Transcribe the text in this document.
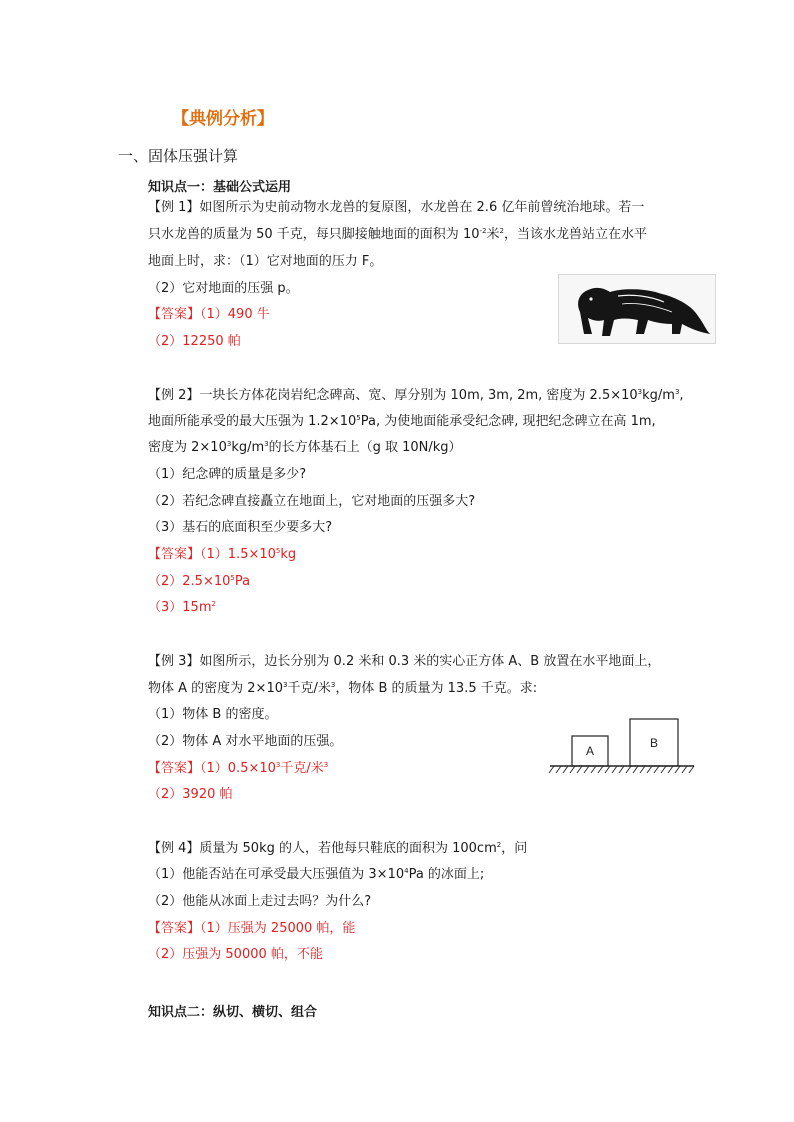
【典例分析】
一、固体压强计算
知识点一：基础公式运用
【例 1】如图所示为史前动物水龙兽的复原图，水龙兽在 2.6 亿年前曾统治地球。若一
只水龙兽的质量为 50 千克，每只脚接触地面的面积为 $10^{-2}$米$^2$，当该水龙兽站立在水平
地面上时，求：（1）它对地面的压力 F。
（2）它对地面的压强 p。
【答案】（1）490 牛
（2）12250 帕
【例 2】一块长方体花岗岩纪念碑高、宽、厚分别为 10m, 3m, 2m, 密度为 $2.5\times 10^3kg/m^3$,
地面所能承受的最大压强为 $1.2\times 10^5Pa$, 为使地面能承受纪念碑, 现把纪念碑立在高 1m,
密度为 $2\times 10^3kg/m^3$的长方体基石上（g 取 10N/kg）
（1）纪念碑的质量是多少?
（2）若纪念碑直接矗立在地面上，它对地面的压强多大?
（3）基石的底面积至少要多大?
【答案】$(1)1.5\times 10^5kg$
$(2)2.5\times 10^5Pa$
$(3)15m^2$
【例 3】如图所示，边长分别为 0.2 米和 0.3 米的实心正方体 A、B 放置在水平地面上，
物体 A 的密度为 $2\times 10^3$千克/米$^3$，物体 B 的质量为 13.5 千克。求:
（1）物体 B 的密度。
（2）物体 A 对水平地面的压强。
【答案】$(1)0.5\times 10^3$千克/米$^3$
（2）3920 帕
A
B
【例 4】质量为 50kg 的人，若他每只鞋底的面积为 $100cm^2$，问
（1）他能否站在可承受最大压强值为 $3\times 10^4Pa$ 的冰面上;
（2）他能从冰面上走过去吗？为什么?
【答案】（1）压强为 25000 帕，能
（2）压强为 50000 帕，不能
知识点二：纵切、横切、组合
